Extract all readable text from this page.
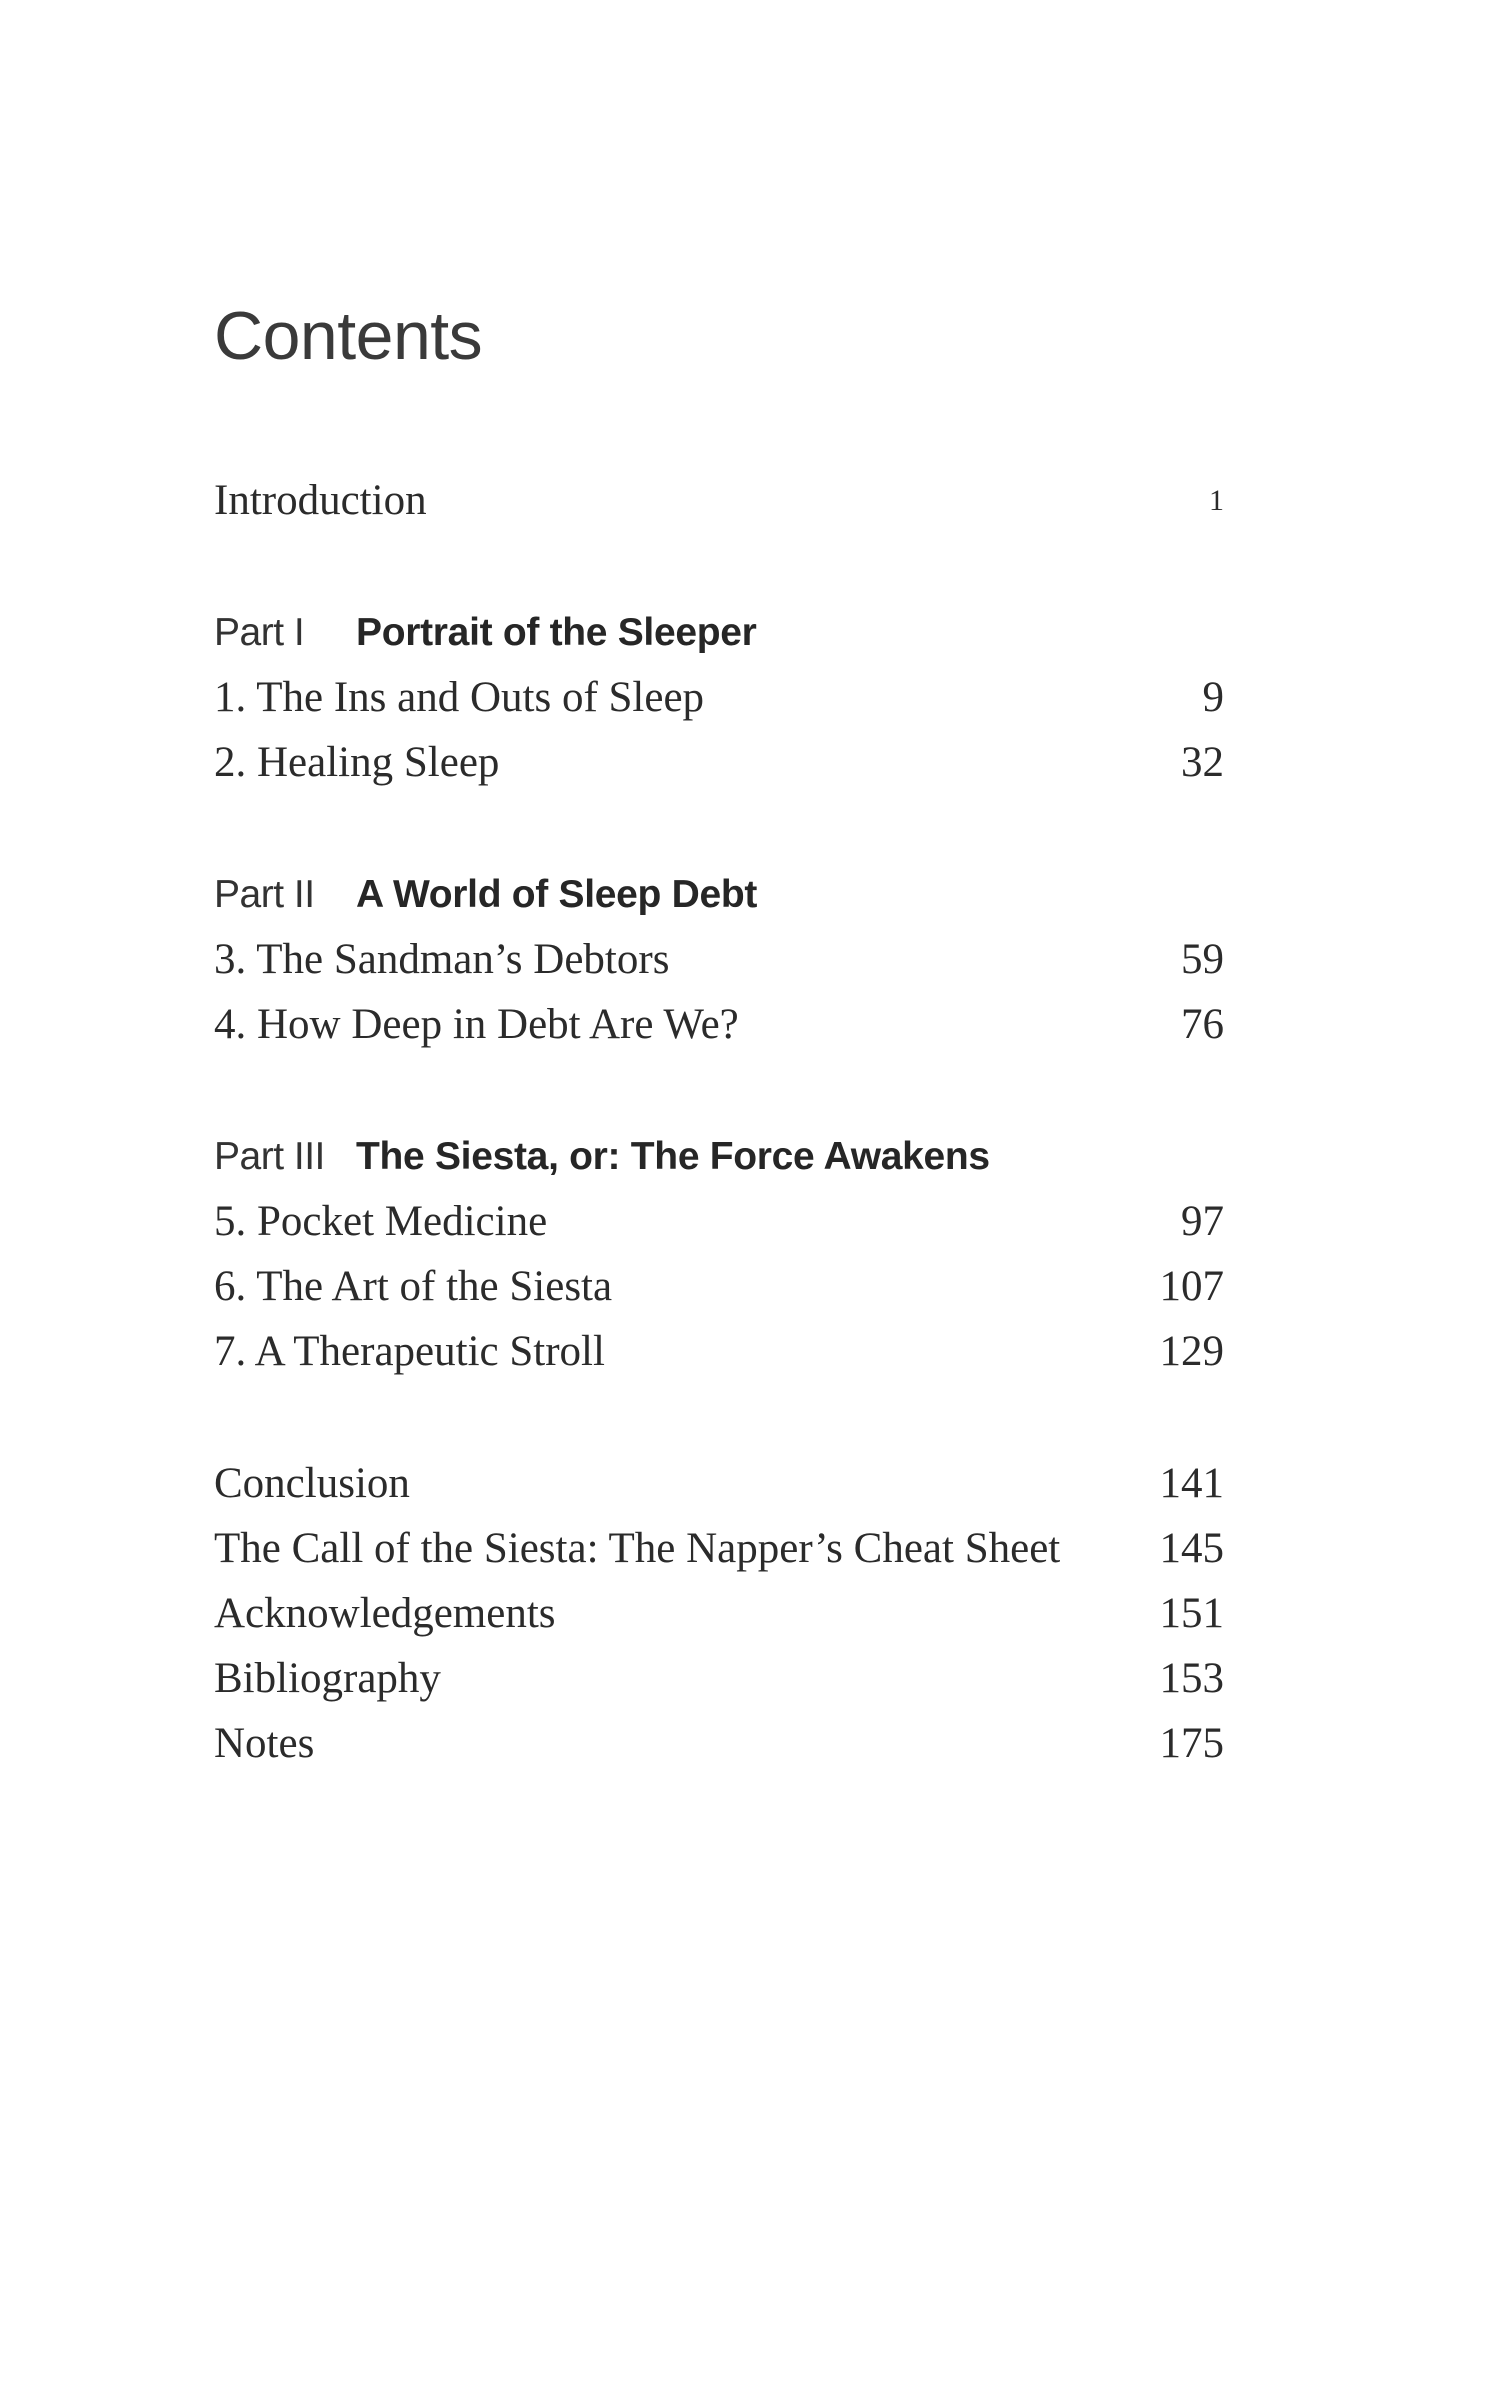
Contents
Introduction	1
Part I Portrait of the Sleeper
1. The Ins and Outs of Sleep	9
2. Healing Sleep	32
Part II A World of Sleep Debt
3. The Sandman’s Debtors	59
4. How Deep in Debt Are We?	76
Part III The Siesta, or: The Force Awakens
5. Pocket Medicine	97
6. The Art of the Siesta	107
7. A Therapeutic Stroll	129
Conclusion	141
The Call of the Siesta: The Napper’s Cheat Sheet 145
Acknowledgements	151
Bibliography	153
Notes	175
